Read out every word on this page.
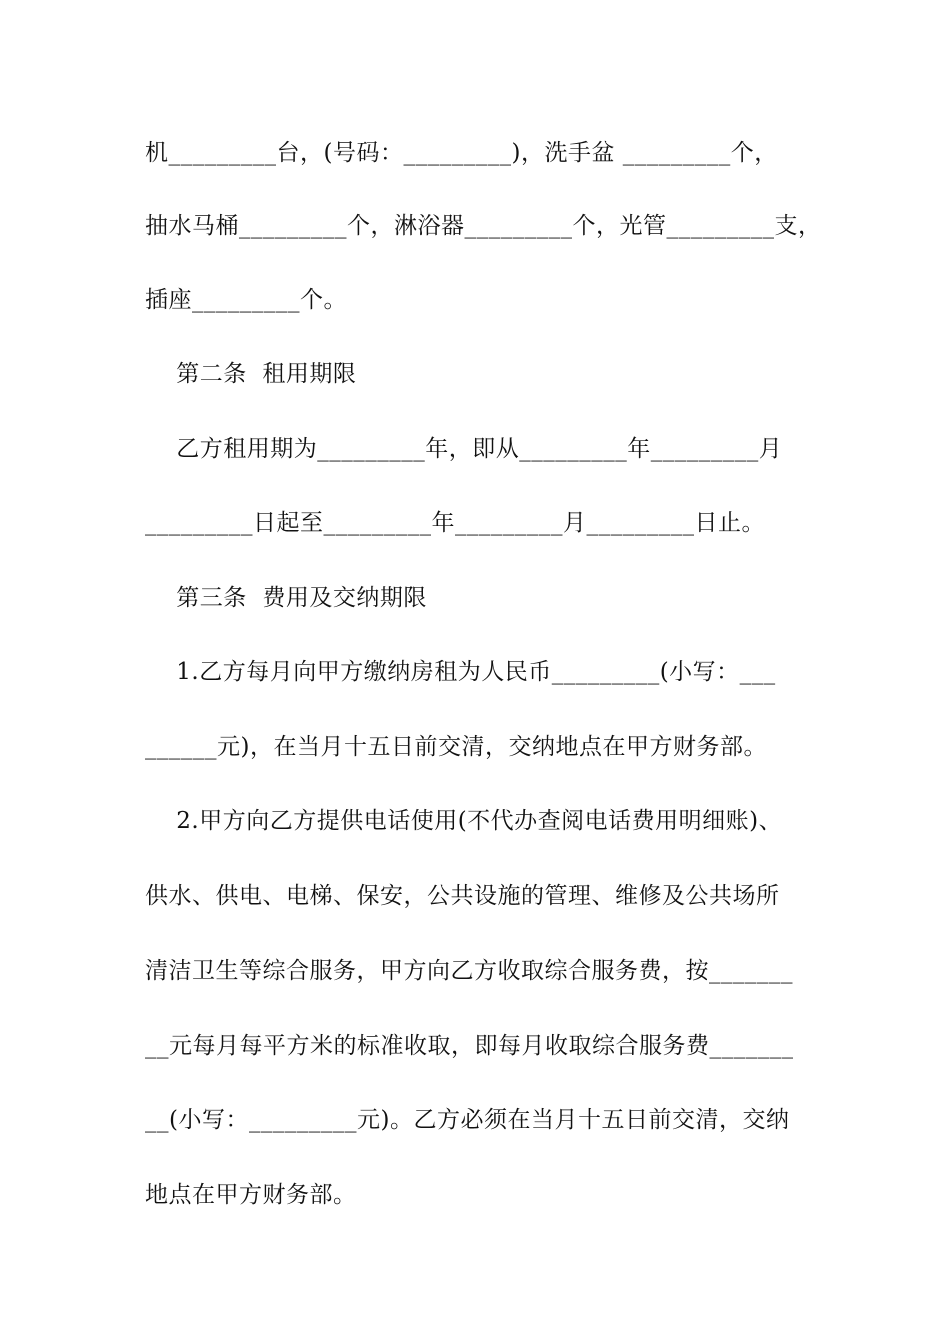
机_________台，(号码：_________)，洗手盆 _________个，
抽水马桶_________个，淋浴器_________个，光管_________支，
插座_________个。
第二条  租用期限
乙方租用期为_________年，即从_________年_________月
_________日起至_________年_________月_________日止。
第三条  费用及交纳期限
1.乙方每月向甲方缴纳房租为人民币_________(小写：___
______元)，在当月十五日前交清，交纳地点在甲方财务部。
2.甲方向乙方提供电话使用(不代办查阅电话费用明细账)、
供水、供电、电梯、保安，公共设施的管理、维修及公共场所
清洁卫生等综合服务，甲方向乙方收取综合服务费，按_______
__元每月每平方米的标准收取，即每月收取综合服务费_______
__(小写：_________元)。乙方必须在当月十五日前交清，交纳
地点在甲方财务部。
